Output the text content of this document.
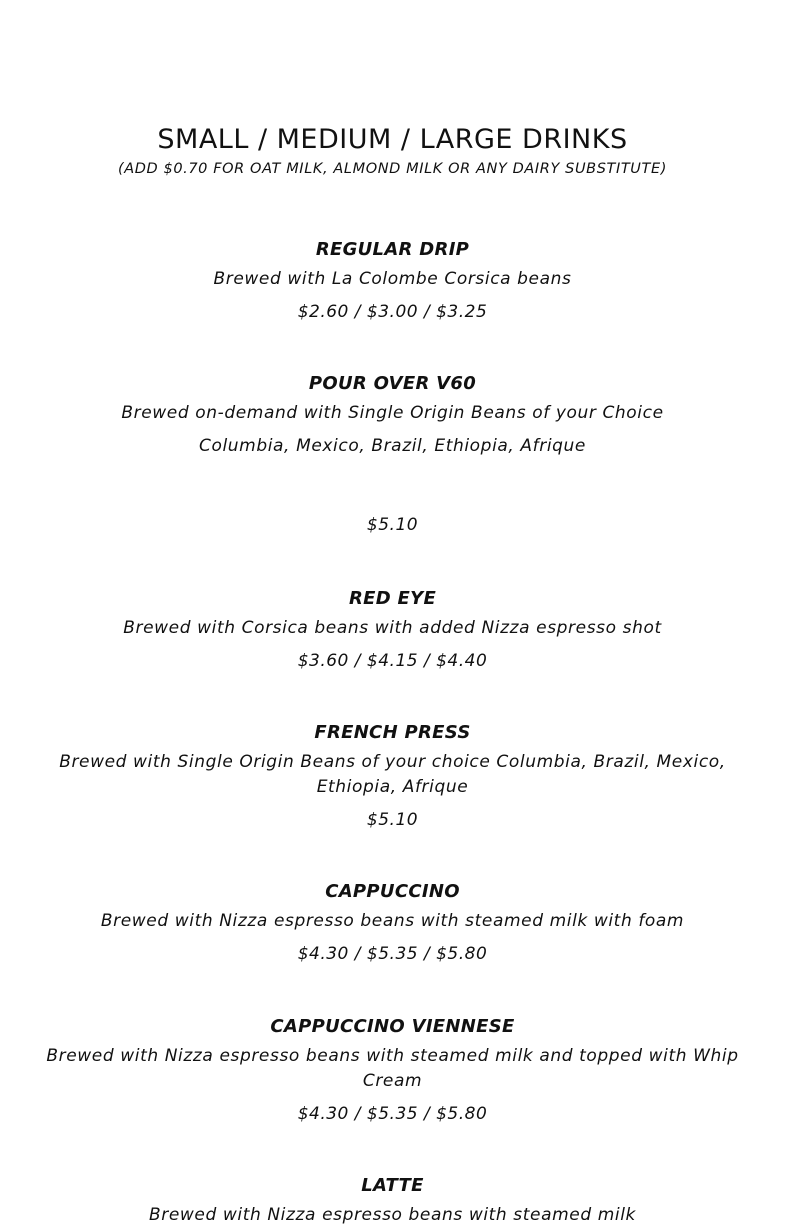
SMALL / MEDIUM / LARGE DRINKS

(ADD $0.70 FOR OAT MILK, ALMOND MILK OR ANY DAIRY SUBSTITUTE)

REGULAR DRIP

Brewed with La Colombe Corsica beans

$2.60 / $3.00 / $3.25

POUR OVER V60

Brewed on-demand with Single Origin Beans of your Choice

Columbia, Mexico, Brazil, Ethiopia, Afrique

$5.10

RED EYE

Brewed with Corsica beans with added Nizza espresso shot

$3.60 / $4.15 / $4.40

FRENCH PRESS

Brewed with Single Origin Beans of your choice Columbia, Brazil, Mexico, Ethiopia, Afrique

$5.10

CAPPUCCINO

Brewed with Nizza espresso beans with steamed milk with foam

$4.30 / $5.35 / $5.80

CAPPUCCINO VIENNESE

Brewed with Nizza espresso beans with steamed milk and topped with Whip Cream

$4.30 / $5.35 / $5.80

LATTE

Brewed with Nizza espresso beans with steamed milk
